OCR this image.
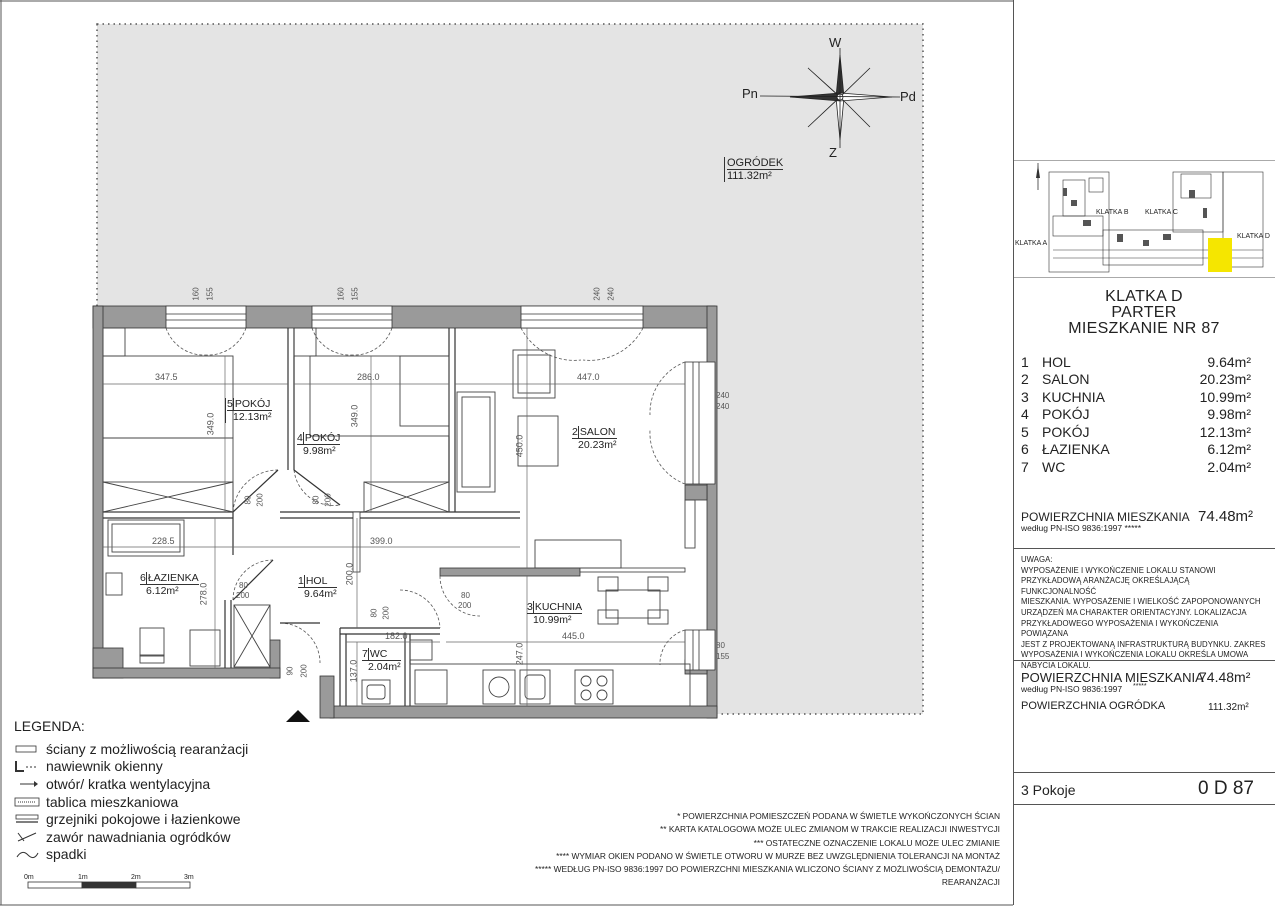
W
Z
Pn	Pd
OGRÓDEK
111.32m²
5 POKÓJ
12.13m²
4 POKÓJ
9.98m²
2 SALON
20.23m²
6 ŁAZIENKA
6.12m²
1 HOL
9.64m²
3 KUCHNIA
10.99m²
7 WC
2.04m²
347.5	286.0	447.0
349.0	349.0
450.0
228.5	399.0
278.0
200.0
182.0	445.0
247.0
137.0
160 155	160 155	240 240
240
240
80
155
80
200	80
200
80 200	80 200
80 200
90 200
KLATKA B KLATKA C
KLATKA A
KLATKA D
KLATKA D
PARTER
MIESZKANIE NR 87
1 HOL	9.64m²
2 SALON	20.23m²
3 KUCHNIA	10.99m²
4 POKÓJ	9.98m²
5 POKÓJ	12.13m²
6 ŁAZIENKA	6.12m²
7 WC	2.04m²
POWIERZCHNIA MIESZKANIA
według PN-ISO 9836:1997 *****
74.48m²
UWAGA:
WYPOSAŻENIE I WYKOŃCZENIE LOKALU STANOWI
PRZYKŁADOWĄ ARANŻACJĘ OKREŚLAJĄCĄ FUNKCJONALNOŚĆ
MIESZKANIA. WYPOSAŻENIE I WIELKOŚĆ ZAPOPONOWANYCH
URZĄDZEŃ MA CHARAKTER ORIENTACYJNY. LOKALIZACJA
PRZYKŁADOWEGO WYPOSAŻENIA I WYKOŃCZENIA POWIĄZANA
JEST Z PROJEKTOWANĄ INFRASTRUKTURĄ BUDYNKU. ZAKRES
WYPOSAŻENIA I WYKOŃCZENIA LOKALU OKREŚLA UMOWA
NABYCIA LOKALU.
POWIERZCHNIA MIESZKANIA
74.48m²
według PN-ISO 9836:1997 *****
POWIERZCHNIA OGRÓDKA	111.32m²
3 Pokoje	0 D 87
LEGENDA:
ściany z możliwością rearanżacji
nawiewnik okienny
otwór/ kratka wentylacyjna
tablica mieszkaniowa
grzejniki pokojowe i łazienkowe
zawór nawadniania ogródków
spadki
0m	1m	2m	3m
* POWIERZCHNIA POMIESZCZEŃ PODANA W ŚWIETLE WYKOŃCZONYCH ŚCIAN
** KARTA KATALOGOWA MOŻE ULEC ZMIANOM W TRAKCIE REALIZACJI INWESTYCJI
*** OSTATECZNE OZNACZENIE LOKALU MOŻE ULEC ZMIANIE
**** WYMIAR OKIEN PODANO W ŚWIETLE OTWORU W MURZE BEZ UWZGLĘDNIENIA TOLERANCJI NA MONTAŻ
***** WEDŁUG PN-ISO 9836:1997 DO POWIERZCHNI MIESZKANIA WLICZONO ŚCIANY Z MOŻLIWOŚCIĄ DEMONTAŻU/
REARANŻACJI
